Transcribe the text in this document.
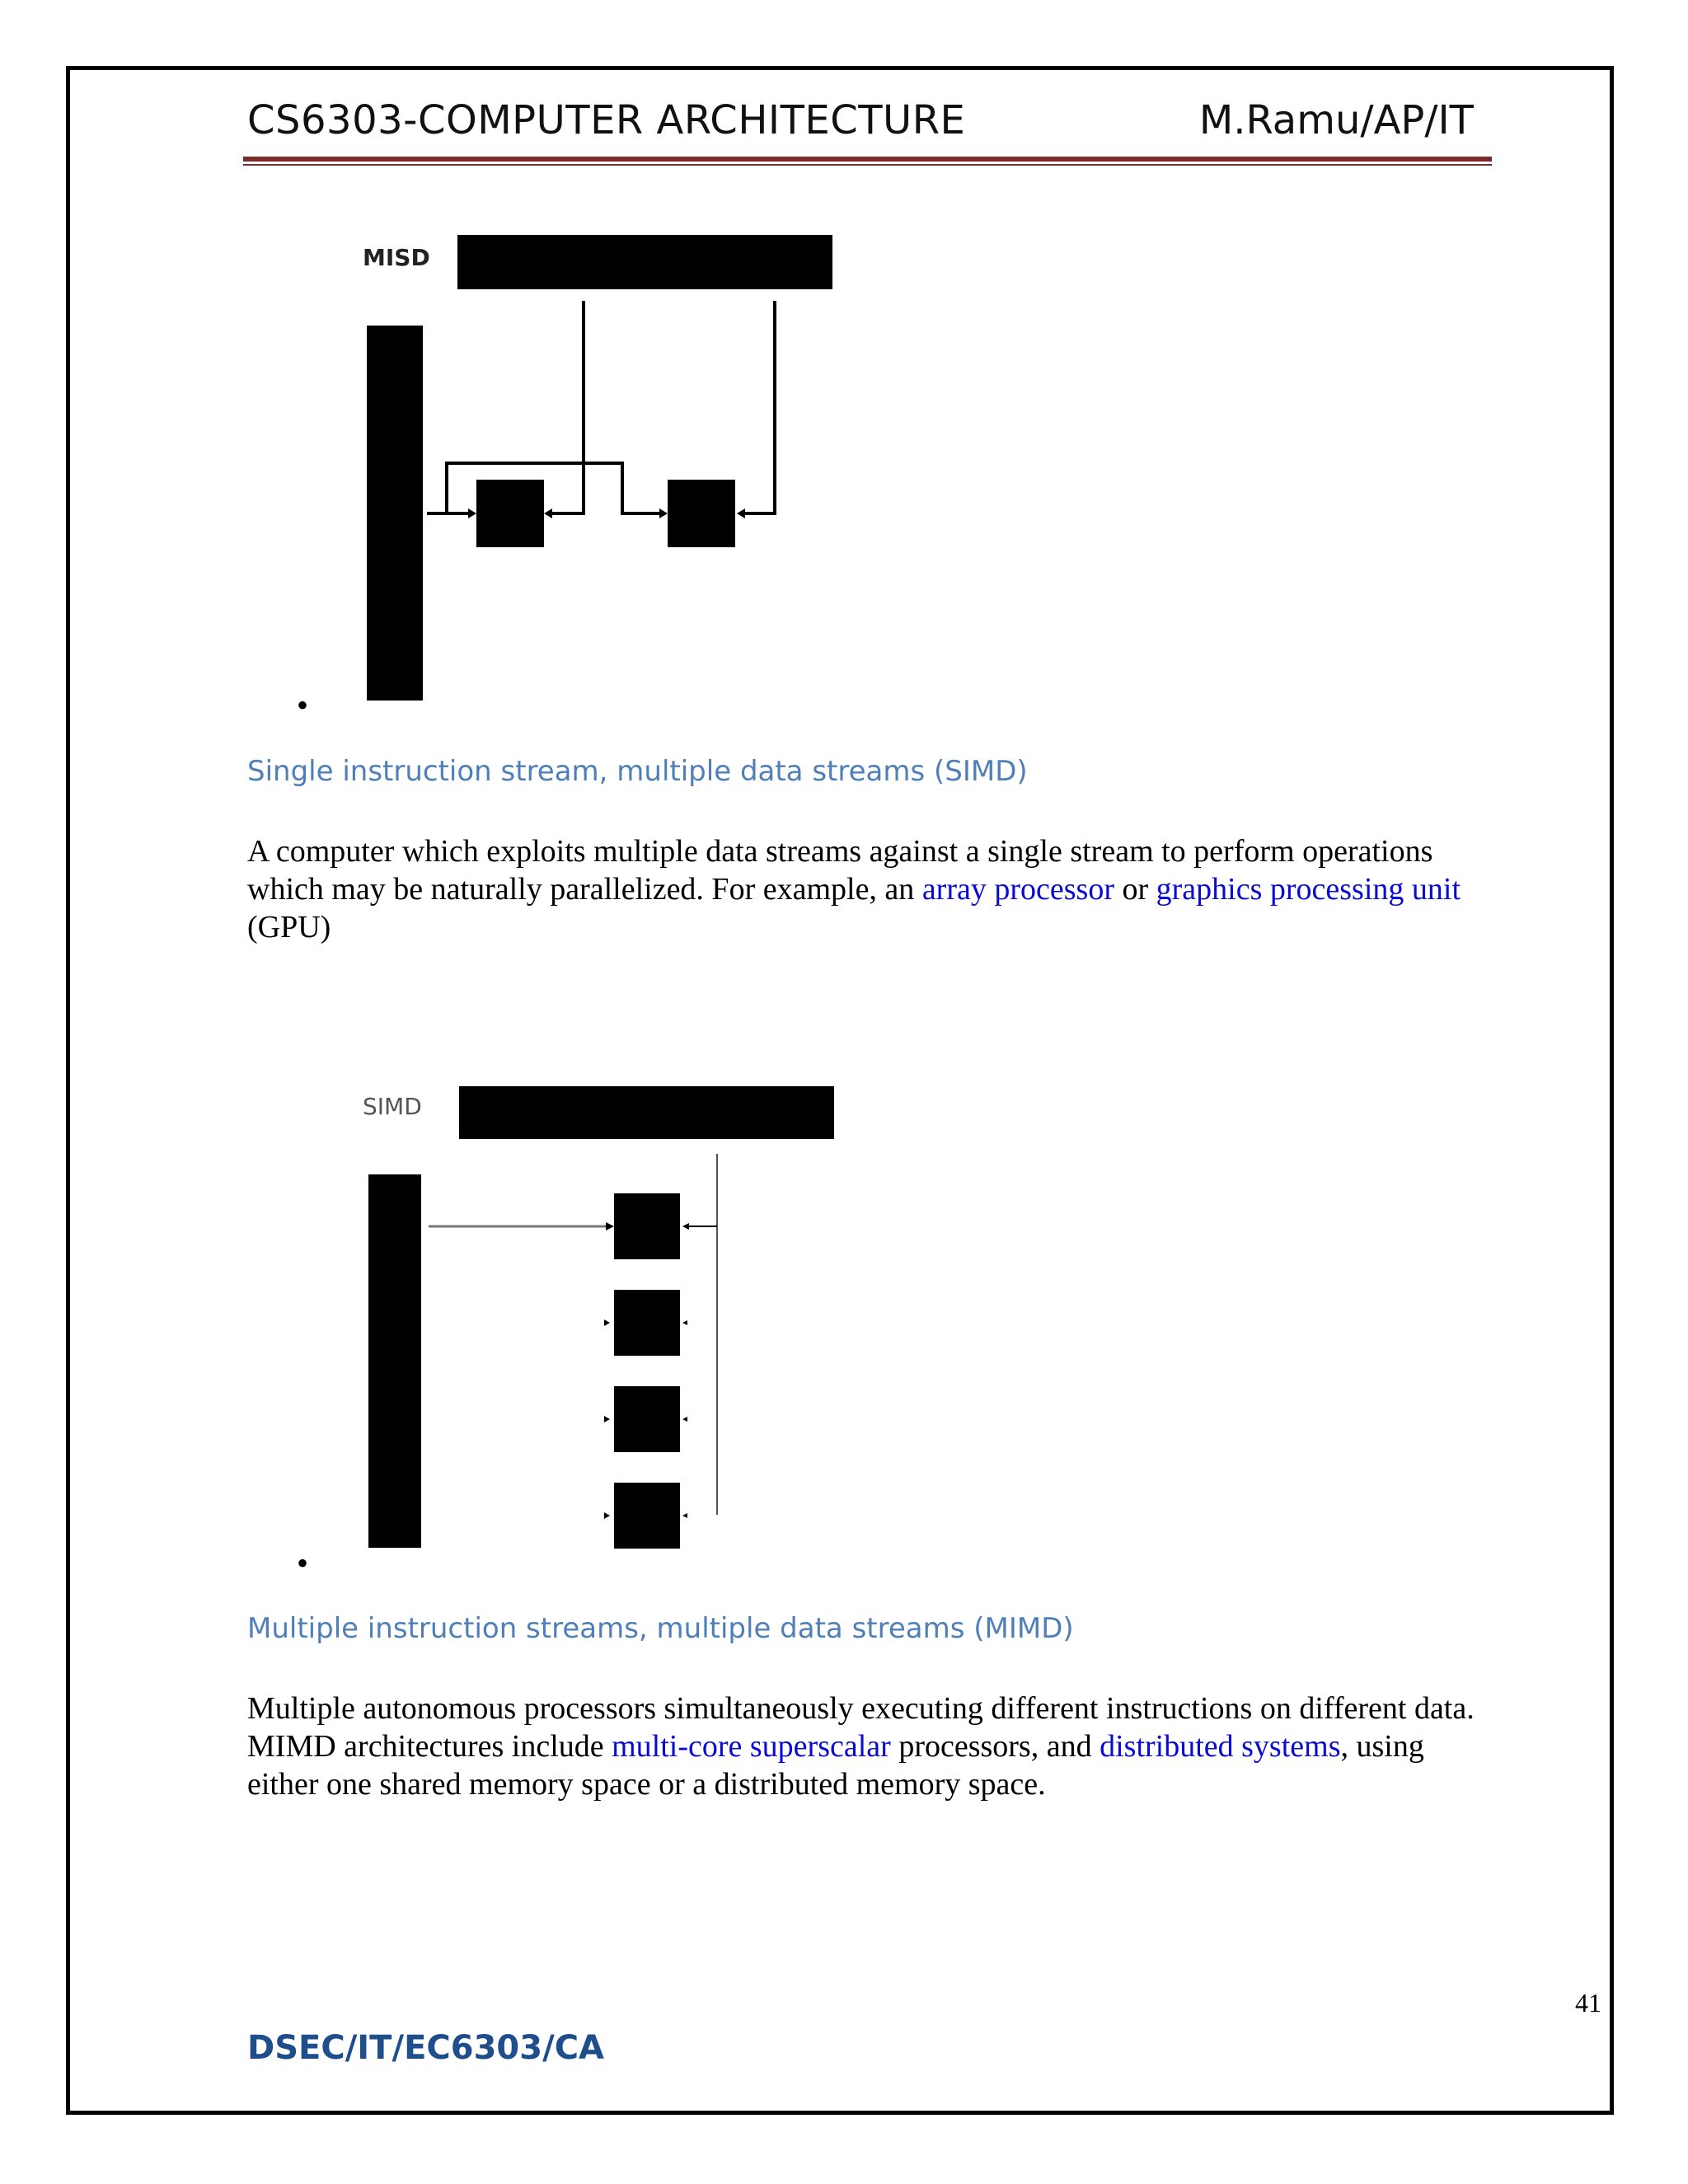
CS6303-COMPUTER ARCHITECTURE	M.Ramu/AP/IT
MISD
•
Single instruction stream, multiple data streams (SIMD)

A computer which exploits multiple data streams against a single stream to perform operations which may be naturally parallelized. For example, an array processor or graphics processing unit (GPU)

SIMD
•
Multiple instruction streams, multiple data streams (MIMD)

Multiple autonomous processors simultaneously executing different instructions on different data. MIMD architectures include multi-core superscalar processors, and distributed systems, using either one shared memory space or a distributed memory space.

41
DSEC/IT/EC6303/CA
